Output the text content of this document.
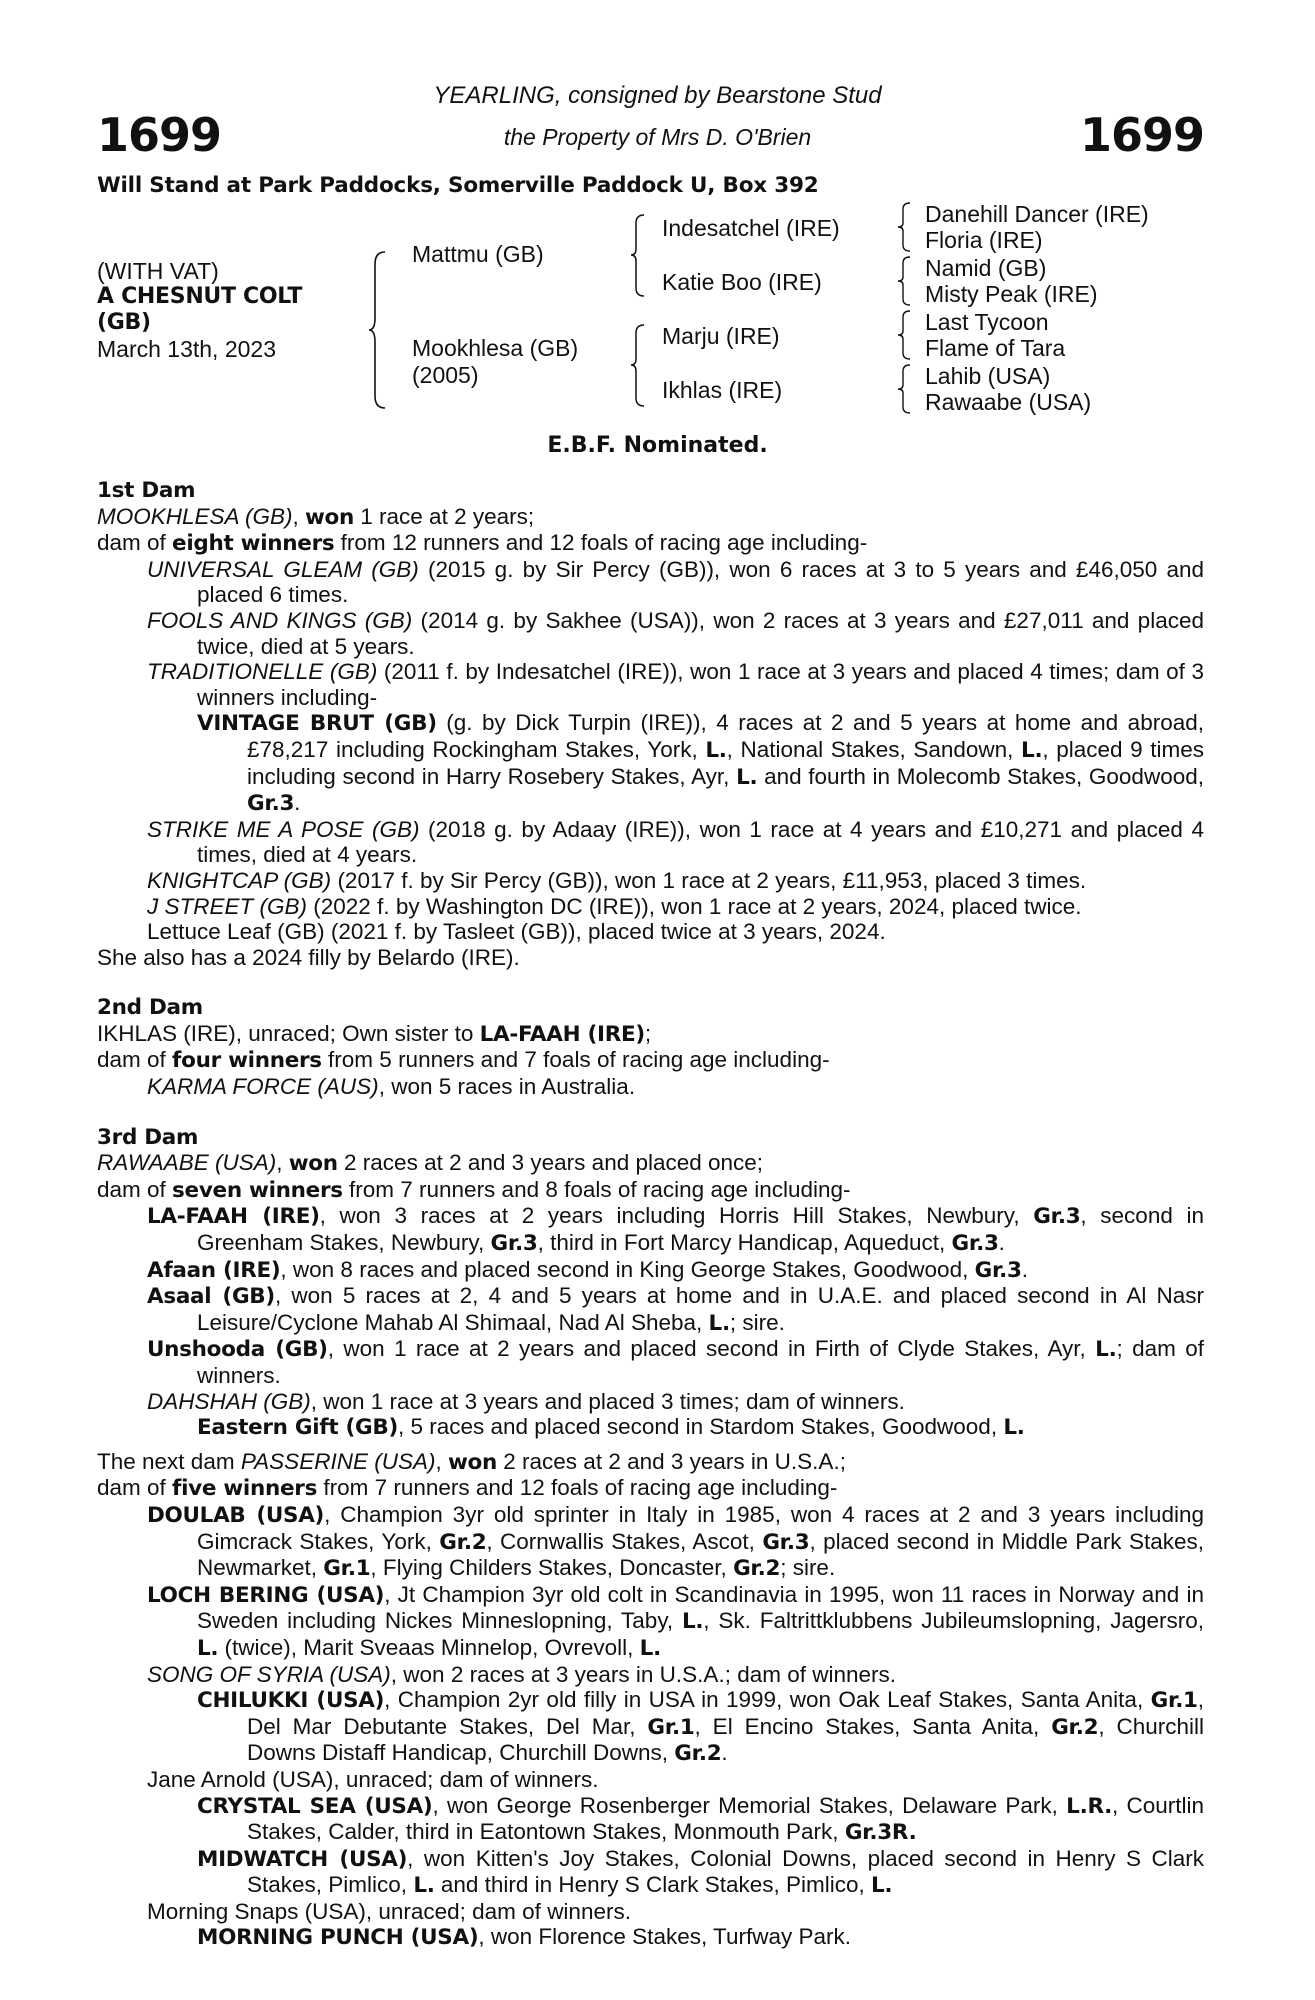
1699	1699
YEARLING, consigned by Bearstone Stud
the Property of Mrs D. O'Brien
Will Stand at Park Paddocks, Somerville Paddock U, Box 392
(WITH VAT)
A CHESNUT COLT
(GB)
March 13th, 2023
Mattmu (GB)
Mookhlesa (GB)
(2005)
Indesatchel (IRE)
Katie Boo (IRE)
Marju (IRE)
Ikhlas (IRE)
Danehill Dancer (IRE)
Floria (IRE)
Namid (GB)
Misty Peak (IRE)
Last Tycoon
Flame of Tara
Lahib (USA)
Rawaabe (USA)
E.B.F. Nominated.

1st Dam

MOOKHLESA (GB), won 1 race at 2 years;

dam of eight winners from 12 runners and 12 foals of racing age including-

UNIVERSAL GLEAM (GB) (2015 g. by Sir Percy (GB)), won 6 races at 3 to 5 years and £46,050 and placed 6 times.

FOOLS AND KINGS (GB) (2014 g. by Sakhee (USA)), won 2 races at 3 years and £27,011 and placed twice, died at 5 years.

TRADITIONELLE (GB) (2011 f. by Indesatchel (IRE)), won 1 race at 3 years and placed 4 times; dam of 3 winners including-

VINTAGE BRUT (GB) (g. by Dick Turpin (IRE)), 4 races at 2 and 5 years at home and abroad, £78,217 including Rockingham Stakes, York, L., National Stakes, Sandown, L., placed 9 times including second in Harry Rosebery Stakes, Ayr, L. and fourth in Molecomb Stakes, Goodwood, Gr.3.

STRIKE ME A POSE (GB) (2018 g. by Adaay (IRE)), won 1 race at 4 years and £10,271 and placed 4 times, died at 4 years.

KNIGHTCAP (GB) (2017 f. by Sir Percy (GB)), won 1 race at 2 years, £11,953, placed 3 times.

J STREET (GB) (2022 f. by Washington DC (IRE)), won 1 race at 2 years, 2024, placed twice.

Lettuce Leaf (GB) (2021 f. by Tasleet (GB)), placed twice at 3 years, 2024.

She also has a 2024 filly by Belardo (IRE).

2nd Dam

IKHLAS (IRE), unraced; Own sister to LA-FAAH (IRE);

dam of four winners from 5 runners and 7 foals of racing age including-

KARMA FORCE (AUS), won 5 races in Australia.

3rd Dam

RAWAABE (USA), won 2 races at 2 and 3 years and placed once;

dam of seven winners from 7 runners and 8 foals of racing age including-

LA-FAAH (IRE), won 3 races at 2 years including Horris Hill Stakes, Newbury, Gr.3, second in Greenham Stakes, Newbury, Gr.3, third in Fort Marcy Handicap, Aqueduct, Gr.3.

Afaan (IRE), won 8 races and placed second in King George Stakes, Goodwood, Gr.3.

Asaal (GB), won 5 races at 2, 4 and 5 years at home and in U.A.E. and placed second in Al Nasr Leisure/Cyclone Mahab Al Shimaal, Nad Al Sheba, L.; sire.

Unshooda (GB), won 1 race at 2 years and placed second in Firth of Clyde Stakes, Ayr, L.; dam of winners.

DAHSHAH (GB), won 1 race at 3 years and placed 3 times; dam of winners.

Eastern Gift (GB), 5 races and placed second in Stardom Stakes, Goodwood, L.

The next dam PASSERINE (USA), won 2 races at 2 and 3 years in U.S.A.;

dam of five winners from 7 runners and 12 foals of racing age including-

DOULAB (USA), Champion 3yr old sprinter in Italy in 1985, won 4 races at 2 and 3 years including Gimcrack Stakes, York, Gr.2, Cornwallis Stakes, Ascot, Gr.3, placed second in Middle Park Stakes, Newmarket, Gr.1, Flying Childers Stakes, Doncaster, Gr.2; sire.

LOCH BERING (USA), Jt Champion 3yr old colt in Scandinavia in 1995, won 11 races in Norway and in Sweden including Nickes Minneslopning, Taby, L., Sk. Faltrittklubbens Jubileumslopning, Jagersro, L. (twice), Marit Sveaas Minnelop, Ovrevoll, L.

SONG OF SYRIA (USA), won 2 races at 3 years in U.S.A.; dam of winners.

CHILUKKI (USA), Champion 2yr old filly in USA in 1999, won Oak Leaf Stakes, Santa Anita, Gr.1, Del Mar Debutante Stakes, Del Mar, Gr.1, El Encino Stakes, Santa Anita, Gr.2, Churchill Downs Distaff Handicap, Churchill Downs, Gr.2.

Jane Arnold (USA), unraced; dam of winners.

CRYSTAL SEA (USA), won George Rosenberger Memorial Stakes, Delaware Park, L.R., Courtlin Stakes, Calder, third in Eatontown Stakes, Monmouth Park, Gr.3R.

MIDWATCH (USA), won Kitten's Joy Stakes, Colonial Downs, placed second in Henry S Clark Stakes, Pimlico, L. and third in Henry S Clark Stakes, Pimlico, L.

Morning Snaps (USA), unraced; dam of winners.

MORNING PUNCH (USA), won Florence Stakes, Turfway Park.
